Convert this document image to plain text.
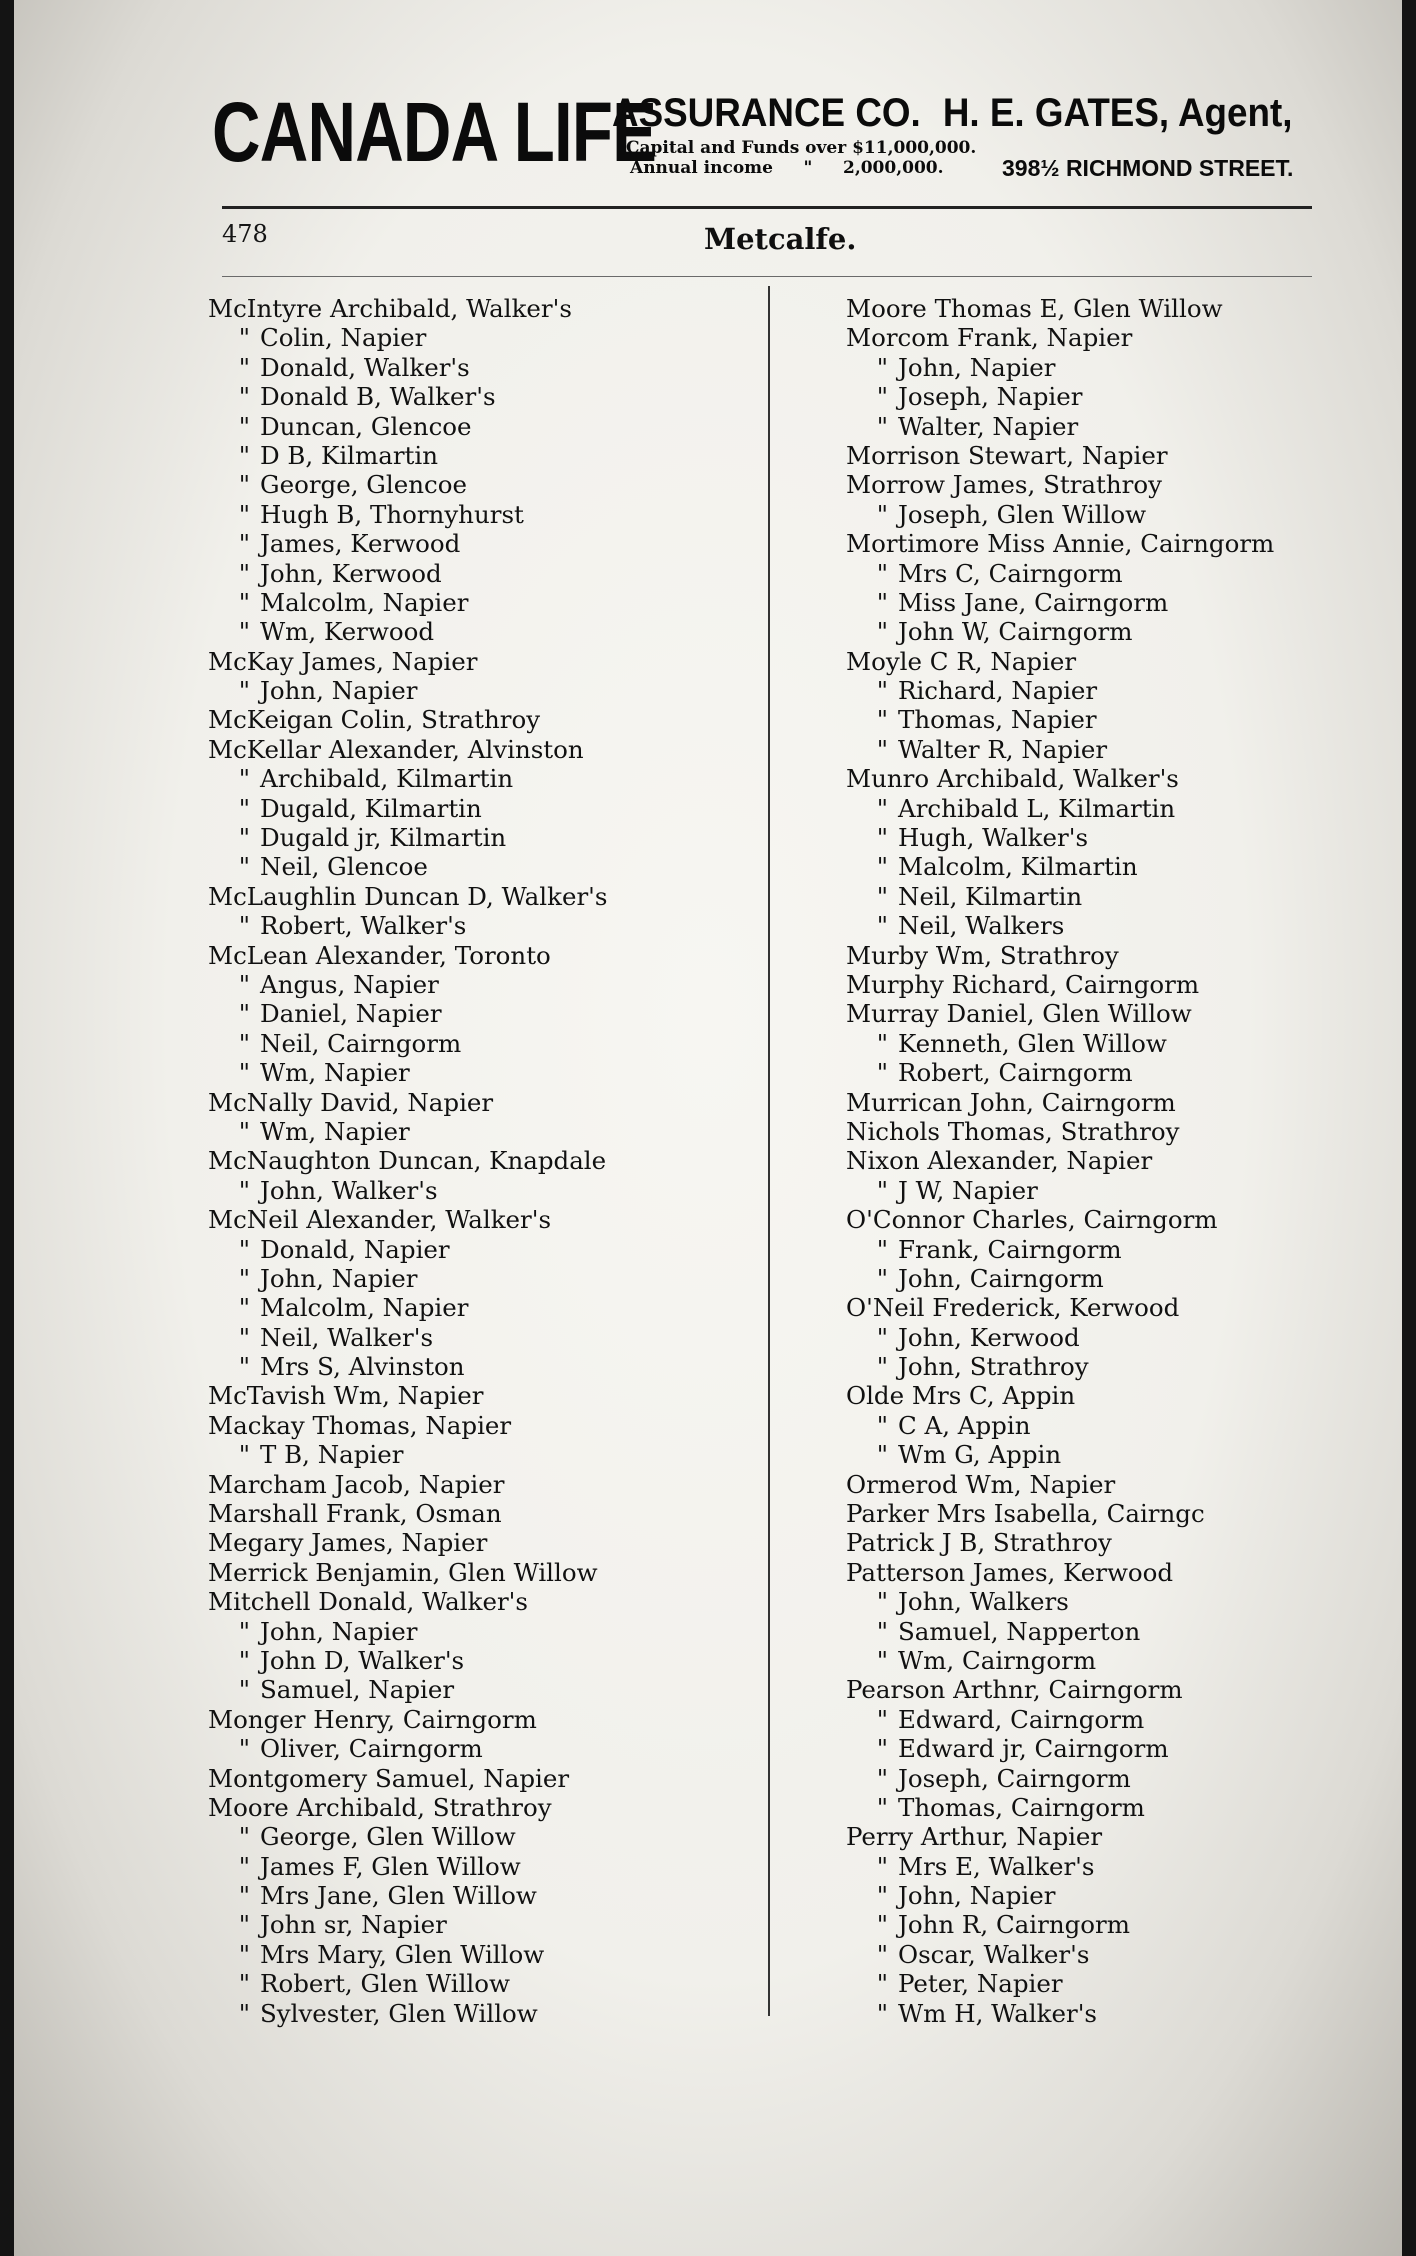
CANADA LIFE
ASSURANCE CO. H. E. GATES, Agent,
Capital and Funds over $11,000,000.
Annual income " 2,000,000.	398½ RICHMOND STREET.
478	Metcalfe.
McIntyre Archibald, Walker's
" Colin, Napier
" Donald, Walker's
" Donald B, Walker's
" Duncan, Glencoe
" D B, Kilmartin
" George, Glencoe
" Hugh B, Thornyhurst
" James, Kerwood
" John, Kerwood
" Malcolm, Napier
" Wm, Kerwood
McKay James, Napier
" John, Napier
McKeigan Colin, Strathroy
McKellar Alexander, Alvinston
" Archibald, Kilmartin
" Dugald, Kilmartin
" Dugald jr, Kilmartin
" Neil, Glencoe
McLaughlin Duncan D, Walker's
" Robert, Walker's
McLean Alexander, Toronto
" Angus, Napier
" Daniel, Napier
" Neil, Cairngorm
" Wm, Napier
McNally David, Napier
" Wm, Napier
McNaughton Duncan, Knapdale
" John, Walker's
McNeil Alexander, Walker's
" Donald, Napier
" John, Napier
" Malcolm, Napier
" Neil, Walker's
" Mrs S, Alvinston
McTavish Wm, Napier
Mackay Thomas, Napier
" T B, Napier
Marcham Jacob, Napier
Marshall Frank, Osman
Megary James, Napier
Merrick Benjamin, Glen Willow
Mitchell Donald, Walker's
" John, Napier
" John D, Walker's
" Samuel, Napier
Monger Henry, Cairngorm
" Oliver, Cairngorm
Montgomery Samuel, Napier
Moore Archibald, Strathroy
" George, Glen Willow
" James F, Glen Willow
" Mrs Jane, Glen Willow
" John sr, Napier
" Mrs Mary, Glen Willow
" Robert, Glen Willow
" Sylvester, Glen Willow
Moore Thomas E, Glen Willow
Morcom Frank, Napier
" John, Napier
" Joseph, Napier
" Walter, Napier
Morrison Stewart, Napier
Morrow James, Strathroy
" Joseph, Glen Willow
Mortimore Miss Annie, Cairngorm
" Mrs C, Cairngorm
" Miss Jane, Cairngorm
" John W, Cairngorm
Moyle C R, Napier
" Richard, Napier
" Thomas, Napier
" Walter R, Napier
Munro Archibald, Walker's
" Archibald L, Kilmartin
" Hugh, Walker's
" Malcolm, Kilmartin
" Neil, Kilmartin
" Neil, Walkers
Murby Wm, Strathroy
Murphy Richard, Cairngorm
Murray Daniel, Glen Willow
" Kenneth, Glen Willow
" Robert, Cairngorm
Murrican John, Cairngorm
Nichols Thomas, Strathroy
Nixon Alexander, Napier
" J W, Napier
O'Connor Charles, Cairngorm
" Frank, Cairngorm
" John, Cairngorm
O'Neil Frederick, Kerwood
" John, Kerwood
" John, Strathroy
Olde Mrs C, Appin
" C A, Appin
" Wm G, Appin
Ormerod Wm, Napier
Parker Mrs Isabella, Cairngc
Patrick J B, Strathroy
Patterson James, Kerwood
" John, Walkers
" Samuel, Napperton
" Wm, Cairngorm
Pearson Arthnr, Cairngorm
" Edward, Cairngorm
" Edward jr, Cairngorm
" Joseph, Cairngorm
" Thomas, Cairngorm
Perry Arthur, Napier
" Mrs E, Walker's
" John, Napier
" John R, Cairngorm
" Oscar, Walker's
" Peter, Napier
" Wm H, Walker's
